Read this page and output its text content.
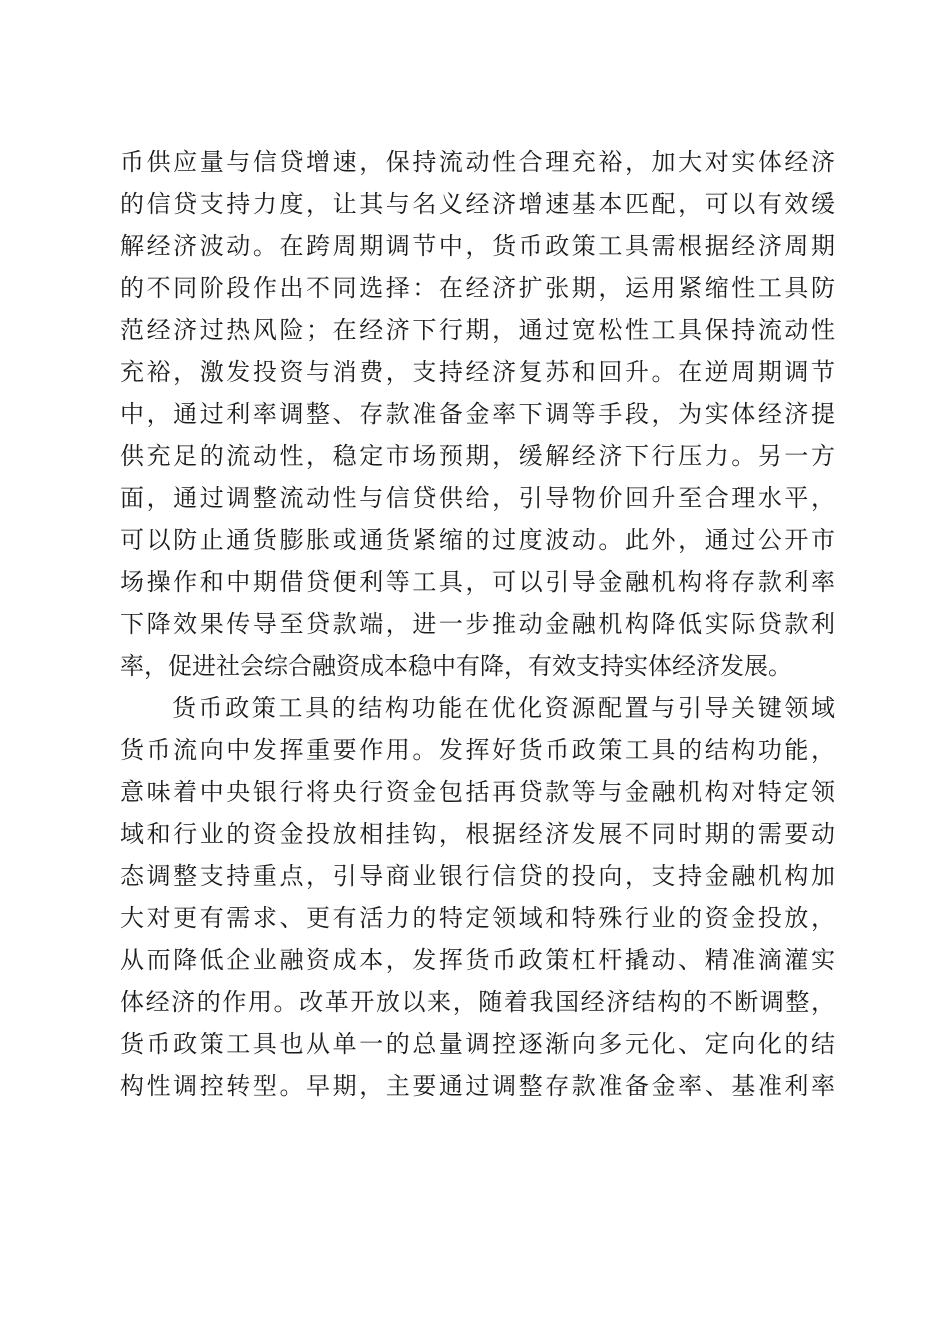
币供应量与信贷增速，保持流动性合理充裕，加大对实体经济
的信贷支持力度，让其与名义经济增速基本匹配，可以有效缓
解经济波动。在跨周期调节中，货币政策工具需根据经济周期
的不同阶段作出不同选择：在经济扩张期，运用紧缩性工具防
范经济过热风险；在经济下行期，通过宽松性工具保持流动性
充裕，激发投资与消费，支持经济复苏和回升。在逆周期调节
中，通过利率调整、存款准备金率下调等手段，为实体经济提
供充足的流动性，稳定市场预期，缓解经济下行压力。另一方
面，通过调整流动性与信贷供给，引导物价回升至合理水平，
可以防止通货膨胀或通货紧缩的过度波动。此外，通过公开市
场操作和中期借贷便利等工具，可以引导金融机构将存款利率
下降效果传导至贷款端，进一步推动金融机构降低实际贷款利
率，促进社会综合融资成本稳中有降，有效支持实体经济发展。
货币政策工具的结构功能在优化资源配置与引导关键领域
货币流向中发挥重要作用。发挥好货币政策工具的结构功能，
意味着中央银行将央行资金包括再贷款等与金融机构对特定领
域和行业的资金投放相挂钩，根据经济发展不同时期的需要动
态调整支持重点，引导商业银行信贷的投向，支持金融机构加
大对更有需求、更有活力的特定领域和特殊行业的资金投放，
从而降低企业融资成本，发挥货币政策杠杆撬动、精准滴灌实
体经济的作用。改革开放以来，随着我国经济结构的不断调整，
货币政策工具也从单一的总量调控逐渐向多元化、定向化的结
构性调控转型。早期，主要通过调整存款准备金率、基准利率
